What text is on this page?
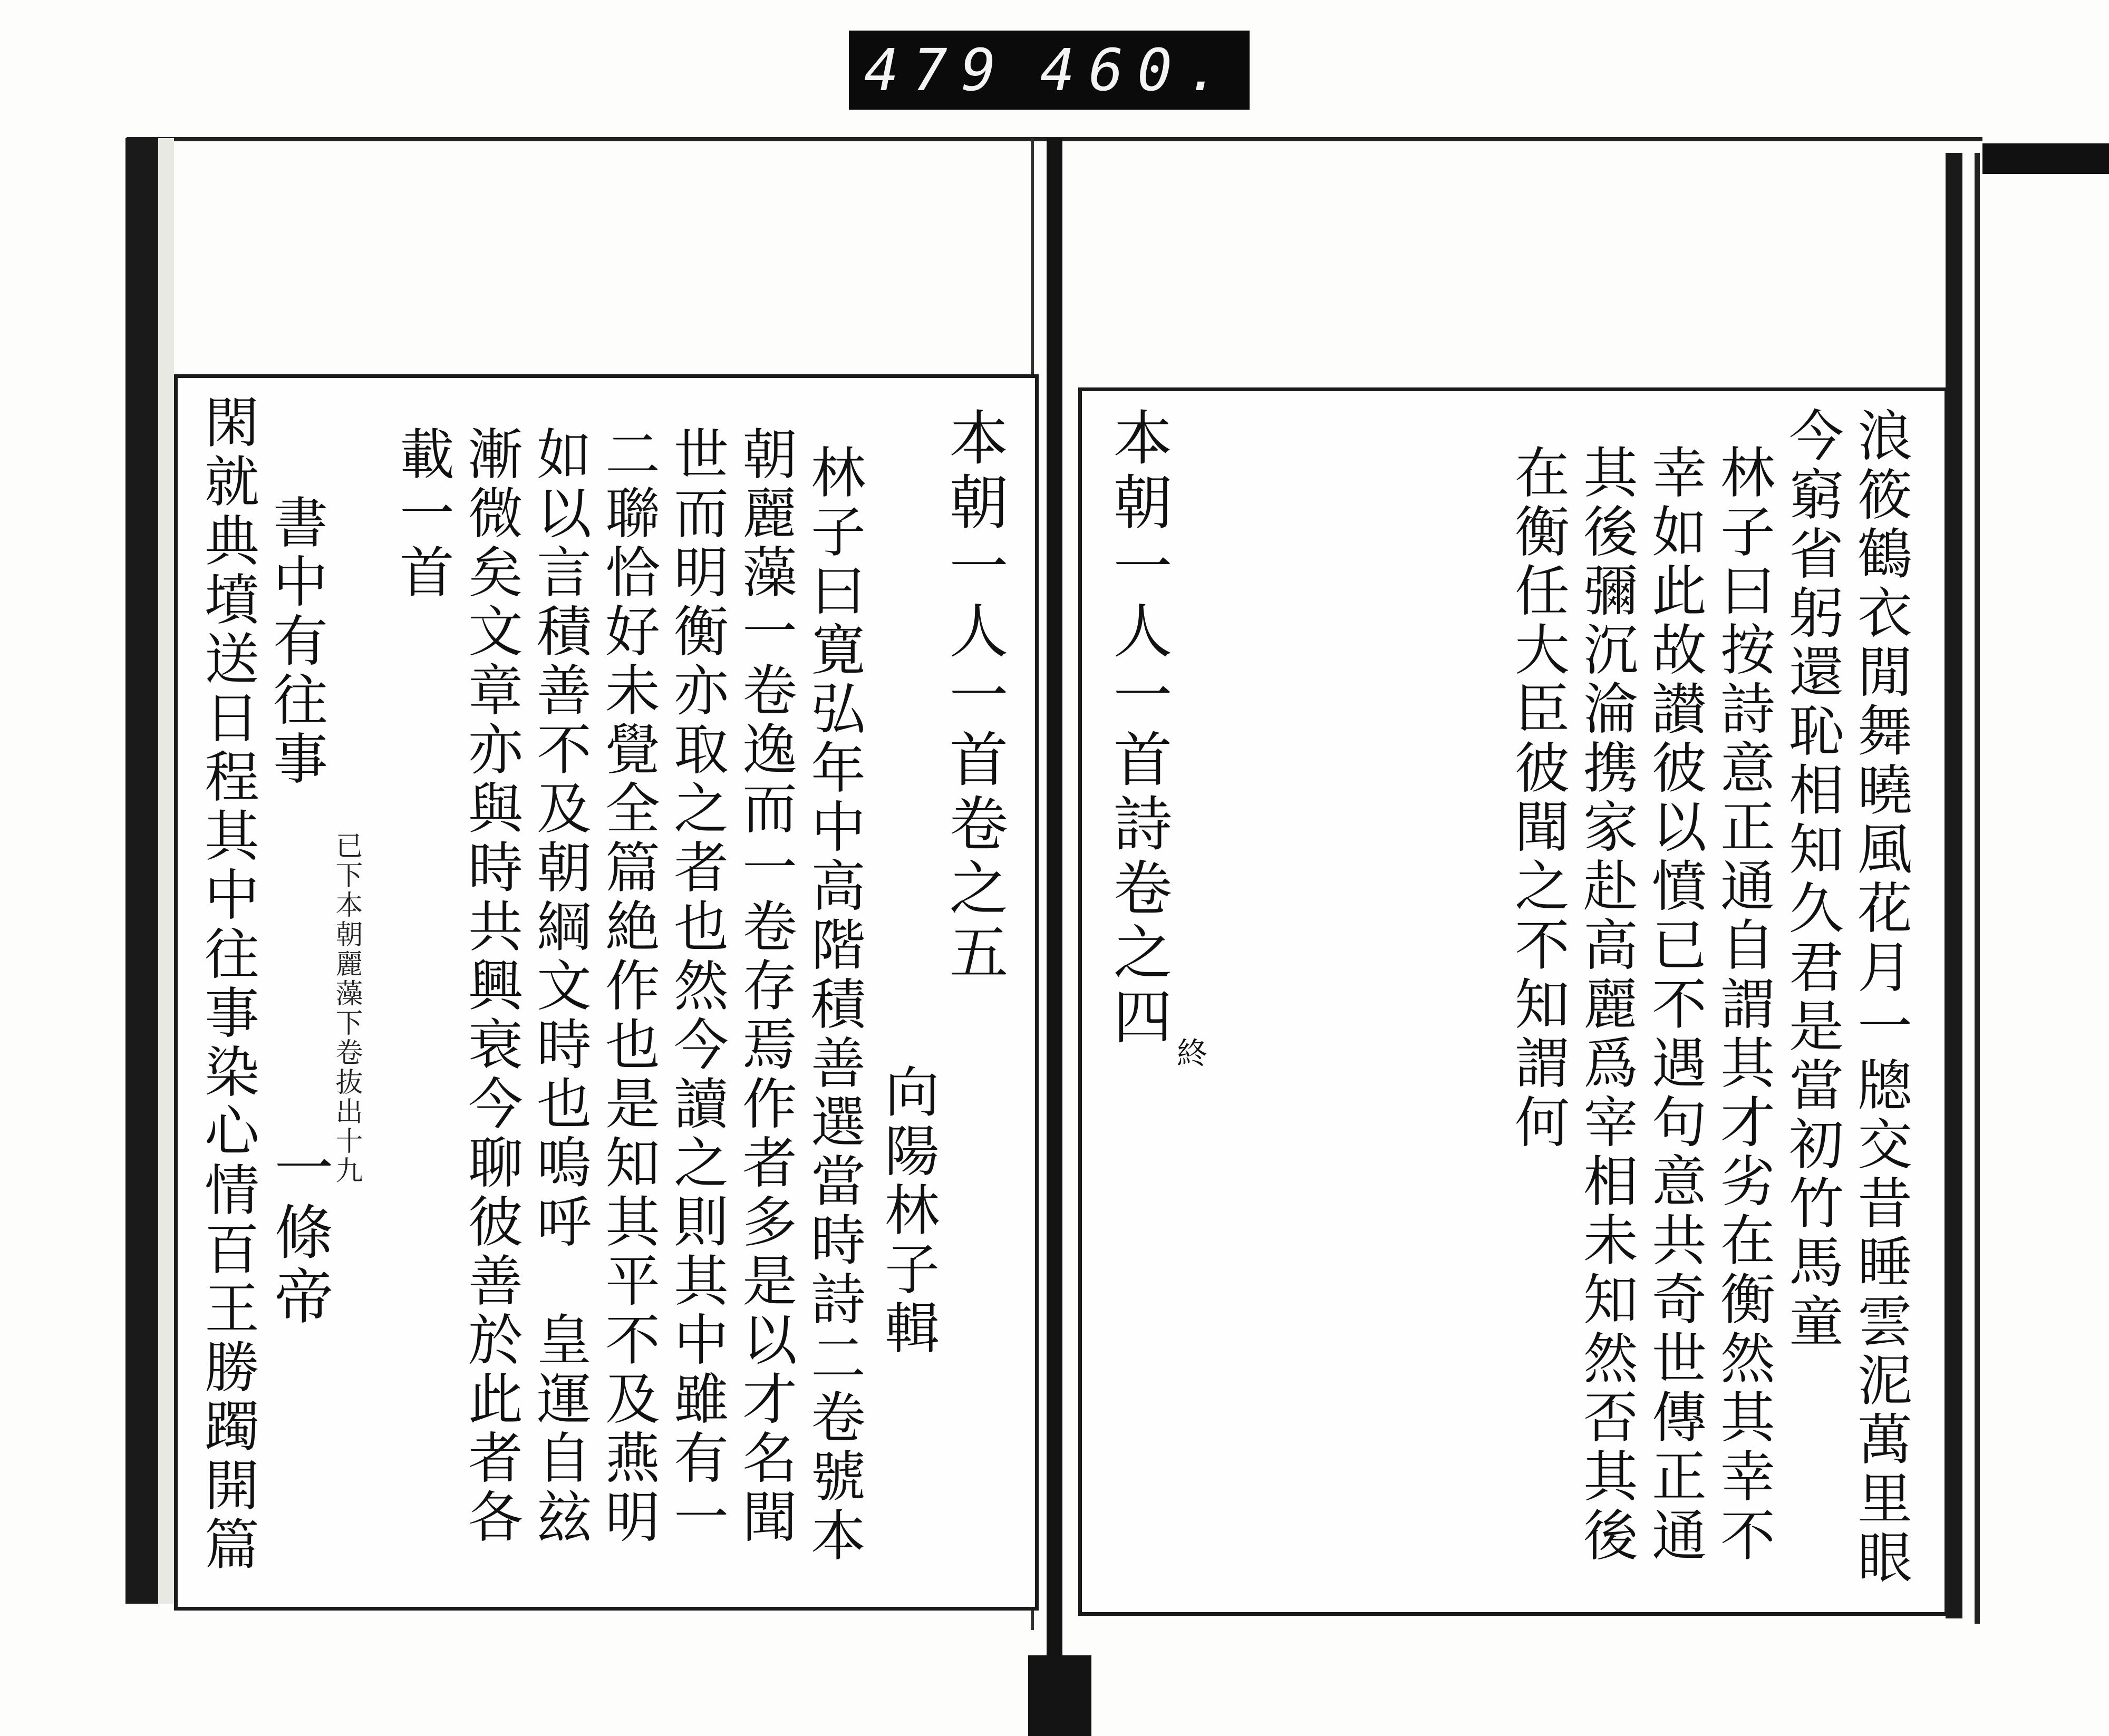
479 460.
本朝一人一首卷之五
向陽林子輯
林子曰寛弘年中高階積善選當時詩二卷號本
朝麗藻一卷逸而一卷存焉作者多是以才名聞
世而明衡亦取之者也然今讀之則其中雖有一
二聯恰好未覺全篇絶作也是知其平不及燕明
如以言積善不及朝綱文時也嗚呼　皇運自玆
漸微矣文章亦與時共興衰今聊彼善於此者各
載一首
已下本朝麗藻下卷抜出十九
書中有往事
一條帝
閑就典墳送日程其中往事染心情百王勝躅開篇	本朝一人一首詩卷之四
終	浪筱鶴衣閒舞曉風花月一牕交昔睡雲泥萬里眼
今窮省躬還恥相知久君是當初竹馬童
林子曰按詩意正通自謂其才劣在衡然其幸不
幸如此故讃彼以憤已不遇句意共奇世傳正通
其後彌沉淪携家赴高麗爲宰相未知然否其後
在衡任大臣彼聞之不知謂何
